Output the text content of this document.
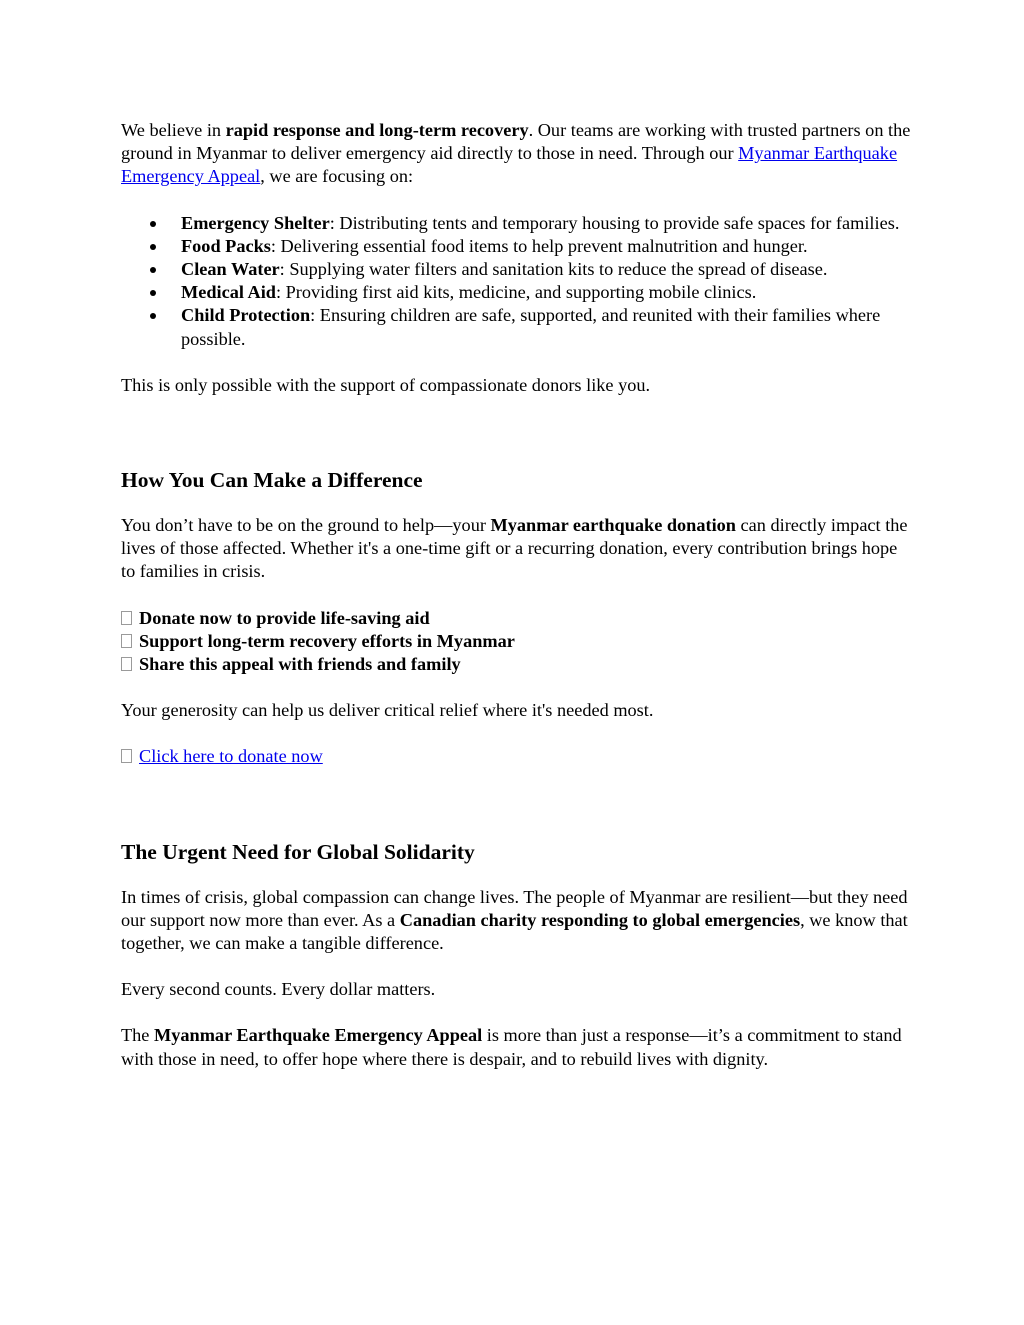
We believe in rapid response and long-term recovery. Our teams are working with trusted partners on the ground in Myanmar to deliver emergency aid directly to those in need. Through our Myanmar Earthquake Emergency Appeal, we are focusing on:

Emergency Shelter: Distributing tents and temporary housing to provide safe spaces for families.
Food Packs: Delivering essential food items to help prevent malnutrition and hunger.
Clean Water: Supplying water filters and sanitation kits to reduce the spread of disease.
Medical Aid: Providing first aid kits, medicine, and supporting mobile clinics.
Child Protection: Ensuring children are safe, supported, and reunited with their families where possible.

This is only possible with the support of compassionate donors like you.

How You Can Make a Difference

You don’t have to be on the ground to help—your Myanmar earthquake donation can directly impact the lives of those affected. Whether it's a one-time gift or a recurring donation, every contribution brings hope to families in crisis.

Donate now to provide life-saving aid

Support long-term recovery efforts in Myanmar

Share this appeal with friends and family

Your generosity can help us deliver critical relief where it's needed most.

Click here to donate now

The Urgent Need for Global Solidarity

In times of crisis, global compassion can change lives. The people of Myanmar are resilient—but they need our support now more than ever. As a Canadian charity responding to global emergencies, we know that together, we can make a tangible difference.

Every second counts. Every dollar matters.

The Myanmar Earthquake Emergency Appeal is more than just a response—it’s a commitment to stand with those in need, to offer hope where there is despair, and to rebuild lives with dignity.
